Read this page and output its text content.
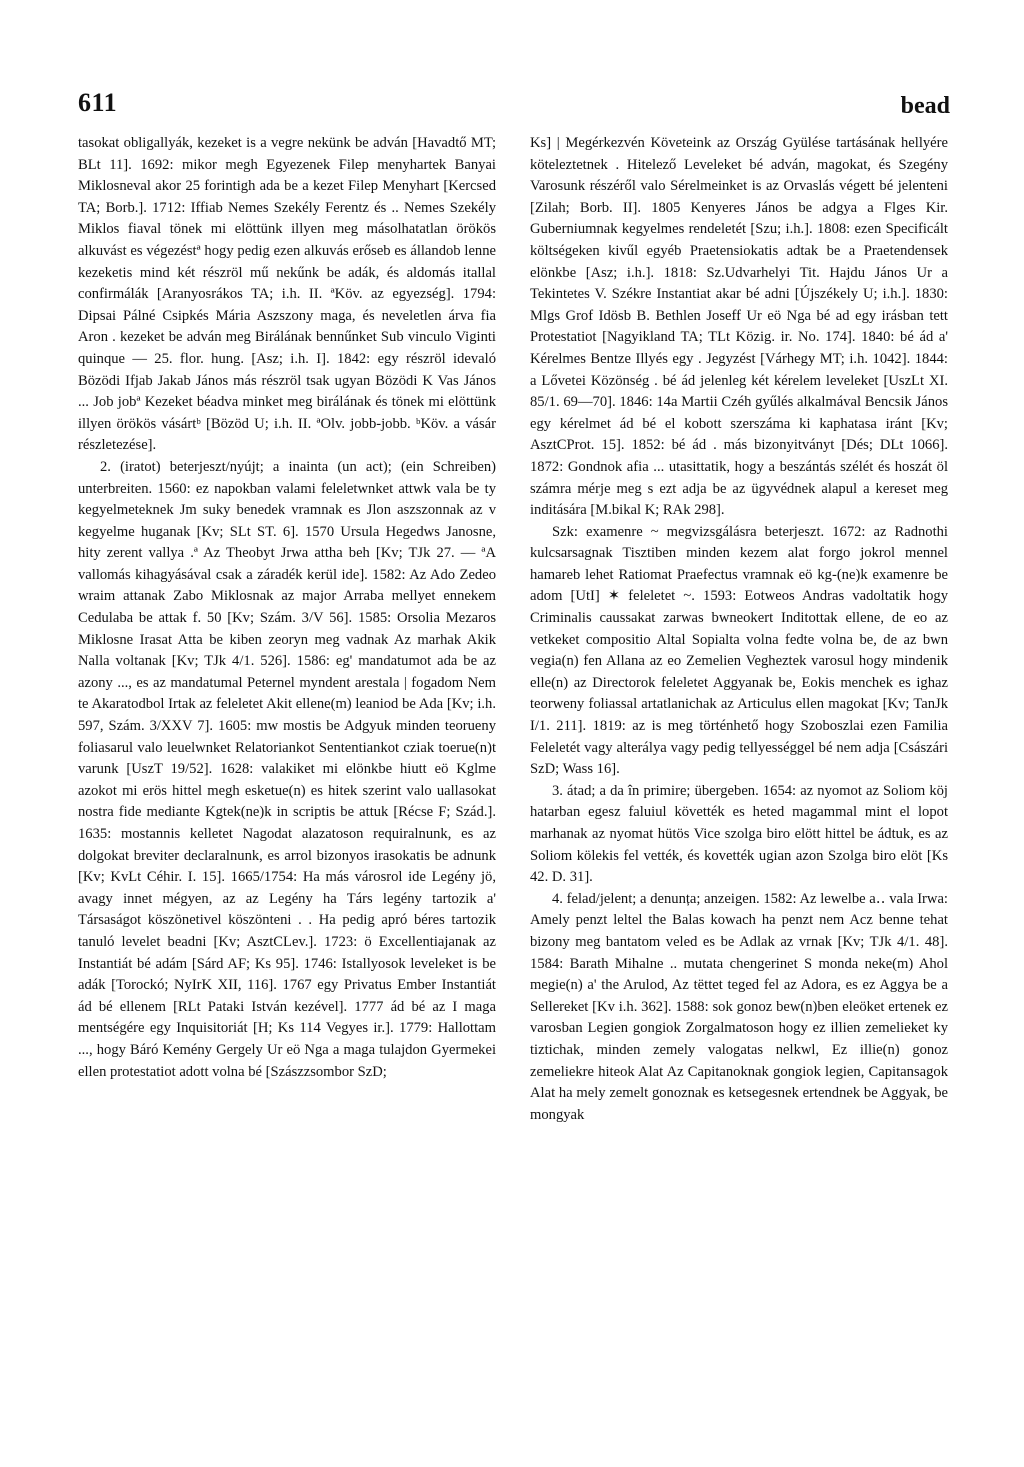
611	bead

tasokat obligallyák, kezeket is a vegre nekünk be adván [Havadtő MT; BLt 11]. 1692: mikor megh Egyezenek Filep menyhartek Banyai Miklosneval akor 25 forintigh ada be a kezet Filep Menyhart [Kercsed TA; Borb.]. 1712: Iffiab Nemes Szekély Ferentz és .. Nemes Szekély Miklos fiaval tönek mi elöttünk illyen meg másolhatatlan örökös alkuvást es végezéstª hogy pedig ezen alkuvás erőseb es állandob lenne kezeketis mind két részröl mű nekűnk be adák, és aldomás itallal confirmálák [Aranyosrákos TA; i.h. II. ªKöv. az egyezség]. 1794: Dipsai Pálné Csipkés Mária Aszszony maga, és neveletlen árva fia Aron . kezeket be adván meg Birálának bennűnket Sub vinculo Viginti quinque — 25. flor. hung. [Asz; i.h. I]. 1842: egy részröl idevaló Bözödi Ifjab Jakab János más részröl tsak ugyan Bözödi K Vas János ... Job jobª Kezeket béadva minket meg birálának és tönek mi elöttünk illyen örökös vásártᵇ [Bözöd U; i.h. II. ªOlv. jobb-jobb. ᵇKöv. a vásár részletezése].

2. (iratot) beterjeszt/nyújt; a inainta (un act); (ein Schreiben) unterbreiten. 1560: ez napokban valami feleletwnket attwk vala be ty kegyelmeteknek Jm suky benedek vramnak es Jlon aszszonnak az v kegyelme huganak [Kv; SLt ST. 6]. 1570 Ursula Hegedws Janosne, hity zerent vallya .ª Az Theobyt Jrwa attha beh [Kv; TJk 27. — ªA vallomás kihagyásával csak a záradék kerül ide]. 1582: Az Ado Zedeo wraim attanak Zabo Miklosnak az major Arraba mellyet ennekem Cedulaba be attak f. 50 [Kv; Szám. 3/V 56]. 1585: Orsolia Mezaros Miklosne Irasat Atta be kiben zeoryn meg vadnak Az marhak Akik Nalla voltanak [Kv; TJk 4/1. 526]. 1586: eg' mandatumot ada be az azony ..., es az mandatumal Peternel myndent arestala | fogadom Nem te Akaratodbol Irtak az feleletet Akit ellene(m) leaniod be Ada [Kv; i.h. 597, Szám. 3/XXV 7]. 1605: mw mostis be Adgyuk minden teorueny foliasarul valo leuelwnket Relatoriankot Sententiankot cziak toerue(n)t varunk [UszT 19/52]. 1628: valakiket mi elönkbe hiutt eö Kglme azokot mi erös hittel megh esketue(n) es hitek szerint valo uallasokat nostra fide mediante Kgtek(ne)k in scriptis be attuk [Récse F; Szád.]. 1635: mostannis kelletet Nagodat alazatoson requiralnunk, es az dolgokat breviter declaralnunk, es arrol bizonyos irasokatis be adnunk [Kv; KvLt Céhir. I. 15]. 1665/1754: Ha más városrol ide Legény jö, avagy innet mégyen, az az Legény ha Társ legény tartozik a' Társaságot köszönetivel köszönteni . . Ha pedig apró béres tartozik tanuló levelet beadni [Kv; AsztCLev.]. 1723: ö Excellentiajanak az Instantiát bé adám [Sárd AF; Ks 95]. 1746: Istallyosok leveleket is be adák [Torockó; NyIrK XII, 116]. 1767 egy Privatus Ember Instantiát ád bé ellenem [RLt Pataki István kezével]. 1777 ád bé az I maga mentségére egy Inquisitoriát [H; Ks 114 Vegyes ir.]. 1779: Hallottam ..., hogy Báró Kemény Gergely Ur eö Nga a maga tulajdon Gyermekei ellen protestatiot adott volna bé [Szászzsombor SzD;

Ks] | Megérkezvén Követeink az Ország Gyülése tartásának hellyére köteleztetnek . Hitelező Leveleket bé adván, magokat, és Szegény Varosunk részéről valo Sérelmeinket is az Orvaslás végett bé jelenteni [Zilah; Borb. II]. 1805 Kenyeres János be adgya a Flges Kir. Guberniumnak kegyelmes rendeletét [Szu; i.h.]. 1808: ezen Specificált költségeken kivűl egyéb Praetensiokatis adtak be a Praetendensek elönkbe [Asz; i.h.]. 1818: Sz.Udvarhelyi Tit. Hajdu János Ur a Tekintetes V. Székre Instantiat akar bé adni [Újszékely U; i.h.]. 1830: Mlgs Grof Idösb B. Bethlen Joseff Ur eö Nga bé ad egy irásban tett Protestatiot [Nagyikland TA; TLt Közig. ir. No. 174]. 1840: bé ád a' Kérelmes Bentze Illyés egy . Jegyzést [Várhegy MT; i.h. 1042]. 1844: a Lővetei Közönség . bé ád jelenleg két kérelem leveleket [UszLt XI. 85/1. 69—70]. 1846: 14a Martii Czéh gyűlés alkalmával Bencsik János egy kérelmet ád bé el kobott szerszáma ki kaphatasa iránt [Kv; AsztCProt. 15]. 1852: bé ád . más bizonyitványt [Dés; DLt 1066]. 1872: Gondnok afia ... utasittatik, hogy a beszántás szélét és hoszát öl számra mérje meg s ezt adja be az ügyvédnek alapul a kereset meg inditására [M.bikal K; RAk 298].

Szk: examenre ~ megvizsgálásra beterjeszt. 1672: az Radnothi kulcsarsagnak Tisztiben minden kezem alat forgo jokrol mennel hamareb lehet Ratiomat Praefectus vramnak eö kg-(ne)k examenre be adom [UtI] ✶ feleletet ~. 1593: Eotweos Andras vadoltatik hogy Criminalis caussakat zarwas bwneokert Inditottak ellene, de eo az vetkeket compositio Altal Sopialta volna fedte volna be, de az bwn vegia(n) fen Allana az eo Zemelien Vegheztek varosul hogy mindenik elle(n) az Directorok feleletet Aggyanak be, Eokis menchek es ighaz teorweny foliassal artatlanichak az Articulus ellen magokat [Kv; TanJk I/1. 211]. 1819: az is meg történhető hogy Szoboszlai ezen Familia Feleletét vagy alterálya vagy pedig tellyességgel bé nem adja [Császári SzD; Wass 16].

3. átad; a da în primire; übergeben. 1654: az nyomot az Soliom köj hatarban egesz faluiul követték es heted magammal mint el lopot marhanak az nyomat hütös Vice szolga biro elött hittel be ádtuk, es az Soliom kölekis fel vették, és kovették ugian azon Szolga biro elöt [Ks 42. D. 31].

4. felad/jelent; a denunța; anzeigen. 1582: Az lewelbe a‥ vala Irwa: Amely penzt leltel the Balas kowach ha penzt nem Acz benne tehat bizony meg bantatom veled es be Adlak az vrnak [Kv; TJk 4/1. 48]. 1584: Barath Mihalne .. mutata chengerinet S monda neke(m) Ahol megie(n) a' the Arulod, Az tëttet teged fel az Adora, es ez Aggya be a Sellereket [Kv i.h. 362]. 1588: sok gonoz bew(n)ben eleöket ertenek ez varosban Legien gongiok Zorgalmatoson hogy ez illien zemelieket ky tiztichak, minden zemely valogatas nelkwl, Ez illie(n) gonoz zemeliekre hiteok Alat Az Capitanoknak gongiok legien, Capitansagok Alat ha mely zemelt gonoznak es ketsegesnek ertendnek be Aggyak, be mongyak
